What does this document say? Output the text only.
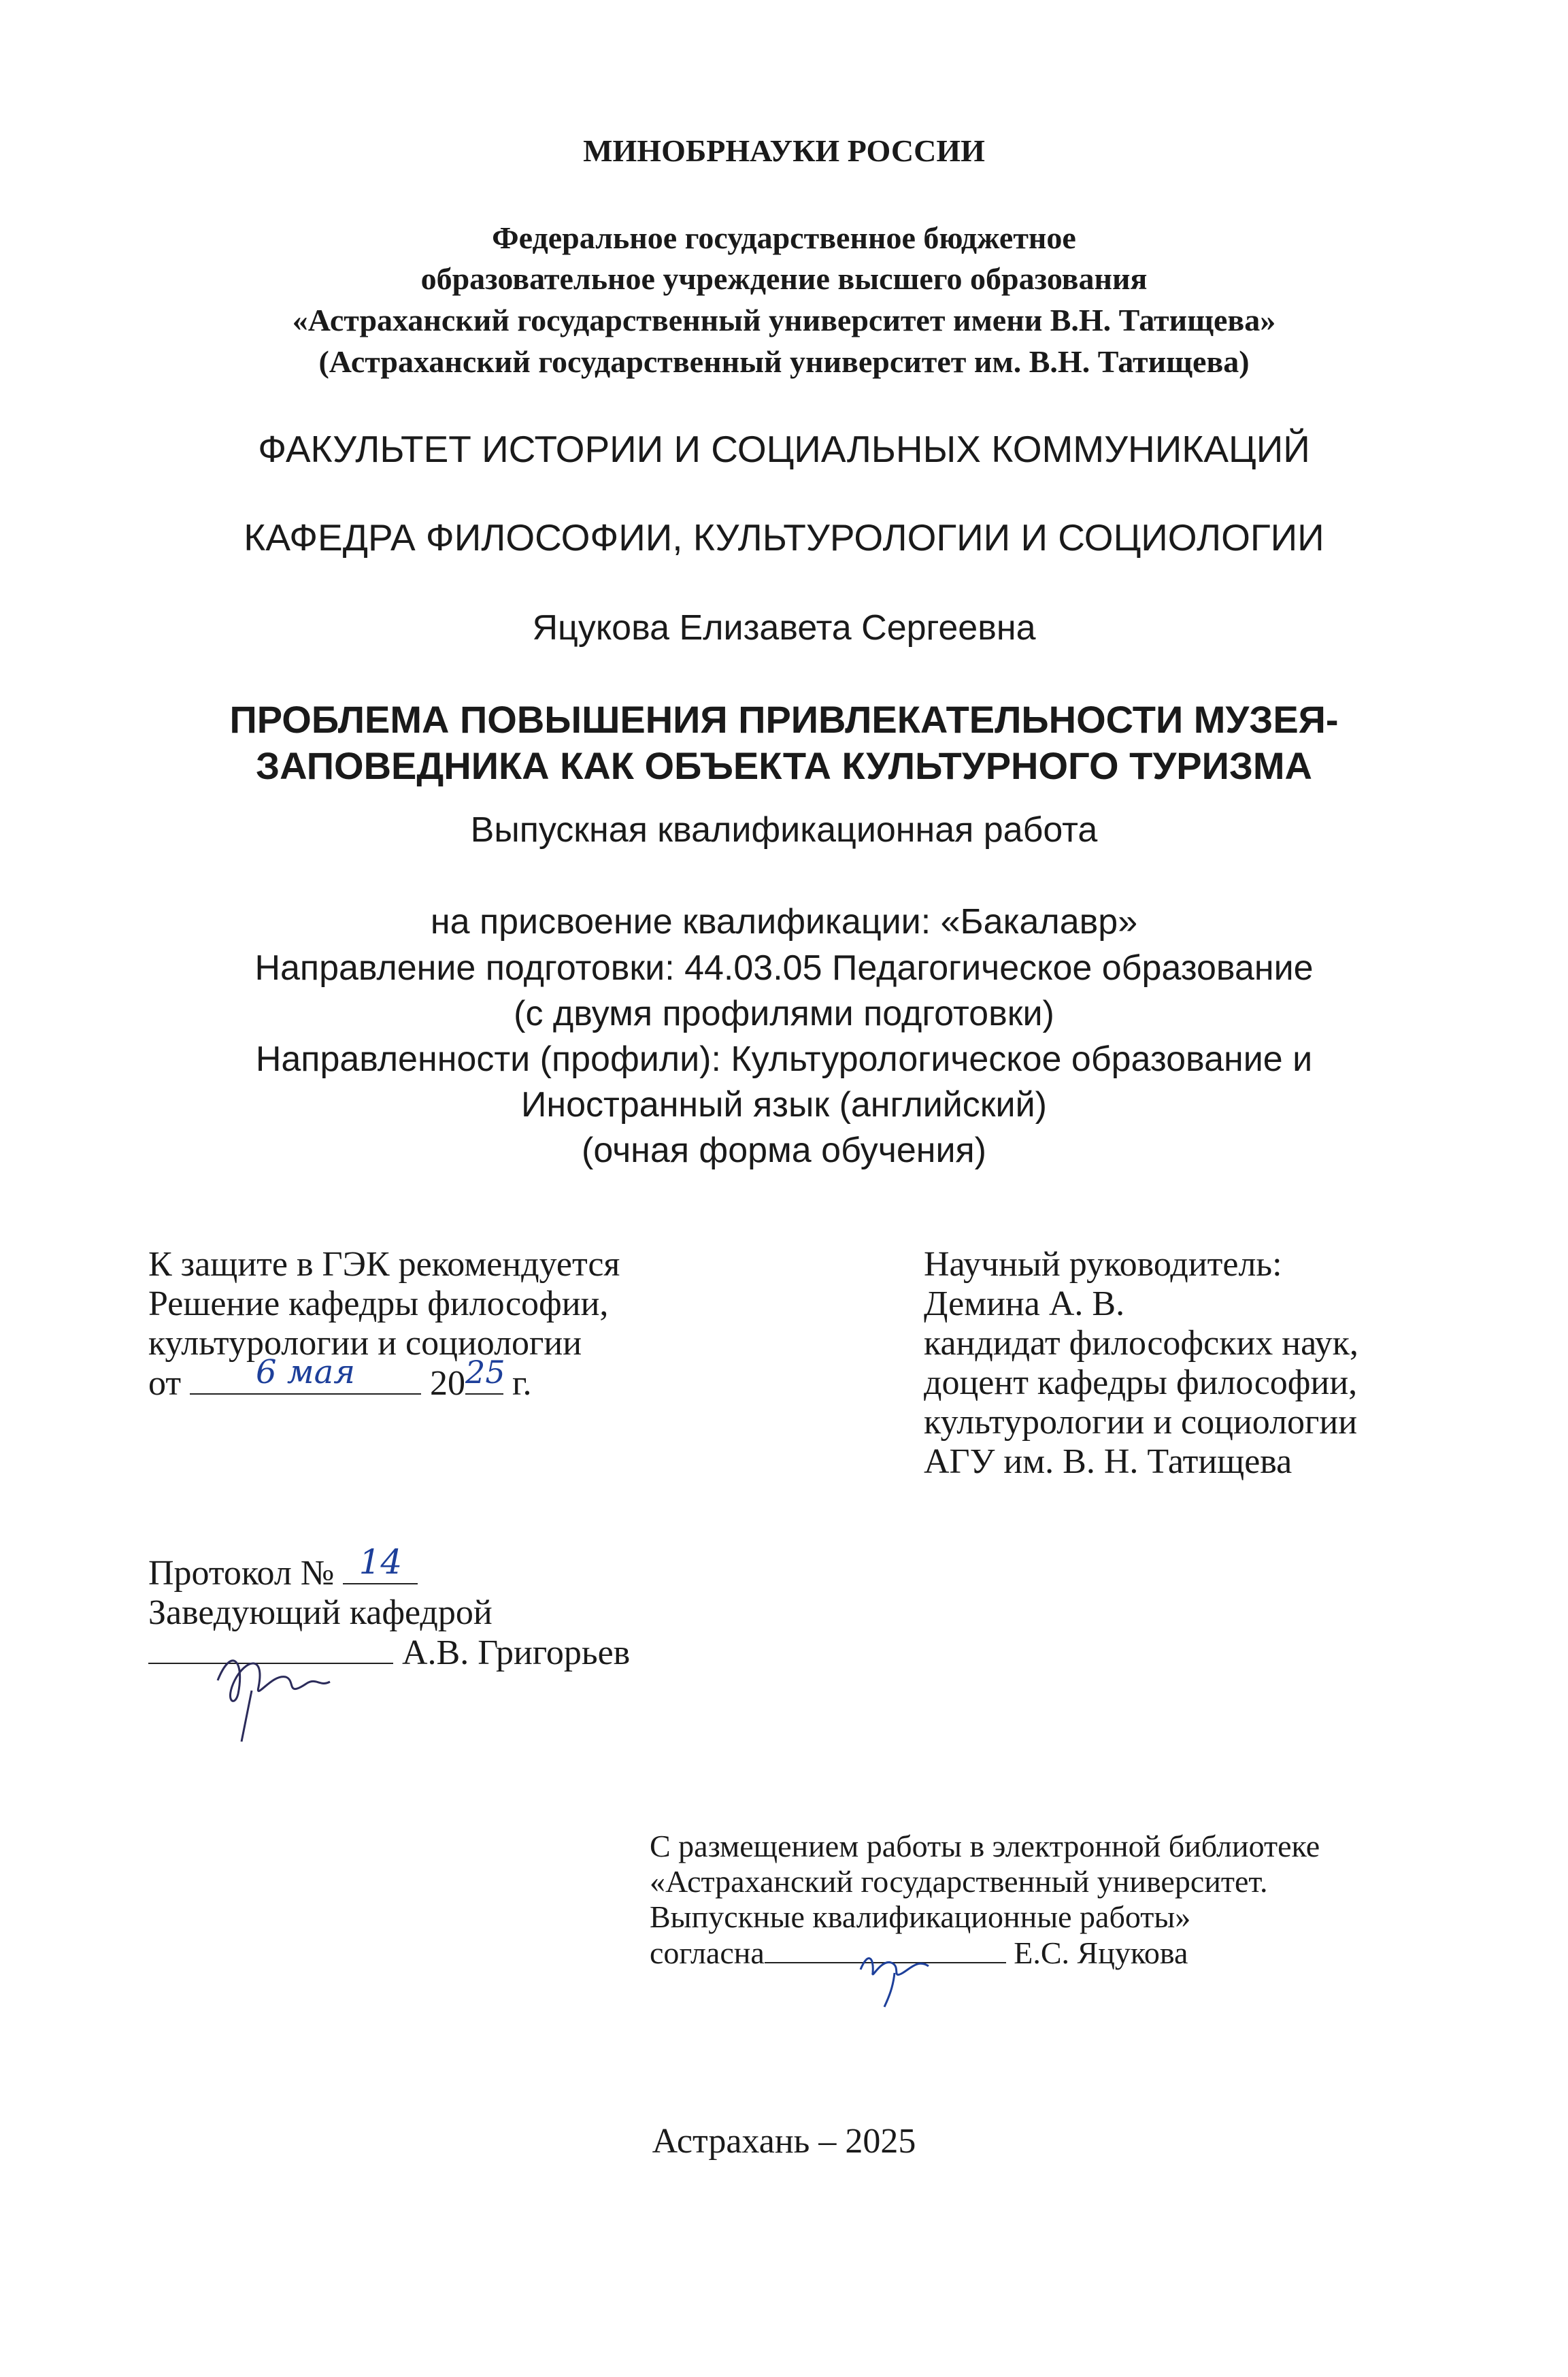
МИНОБРНАУКИ РОССИИ
Федеральное государственное бюджетное
образовательное учреждение высшего образования
«Астраханский государственный университет имени В.Н. Татищева»
(Астраханский государственный университет им. В.Н. Татищева)
ФАКУЛЬТЕТ ИСТОРИИ И СОЦИАЛЬНЫХ КОММУНИКАЦИЙ
КАФЕДРА ФИЛОСОФИИ, КУЛЬТУРОЛОГИИ И СОЦИОЛОГИИ
Яцукова Елизавета Сергеевна
ПРОБЛЕМА ПОВЫШЕНИЯ ПРИВЛЕКАТЕЛЬНОСТИ МУЗЕЯ-
ЗАПОВЕДНИКА КАК ОБЪЕКТА КУЛЬТУРНОГО ТУРИЗМА
Выпускная квалификационная работа
на присвоение квалификации: «Бакалавр»
Направление подготовки: 44.03.05 Педагогическое образование
(с двумя профилями подготовки)
Направленности (профили): Культурологическое образование и
Иностранный язык (английский)
(очная форма обучения)
К защите в ГЭК рекомендуется
Решение кафедры философии,
культурологии и социологии
от	6 мая	20 25 г.
Научный руководитель:
Демина А. В.
кандидат философских наук,
доцент кафедры философии,
культурологии и социологии
АГУ им. В. Н. Татищева
Протокол № 14
Заведующий кафедрой
А.В. Григорьев
С размещением работы в электронной библиотеке
«Астраханский государственный университет.
Выпускные квалификационные работы»
согласна	Е.С. Яцукова
Астрахань – 2025
